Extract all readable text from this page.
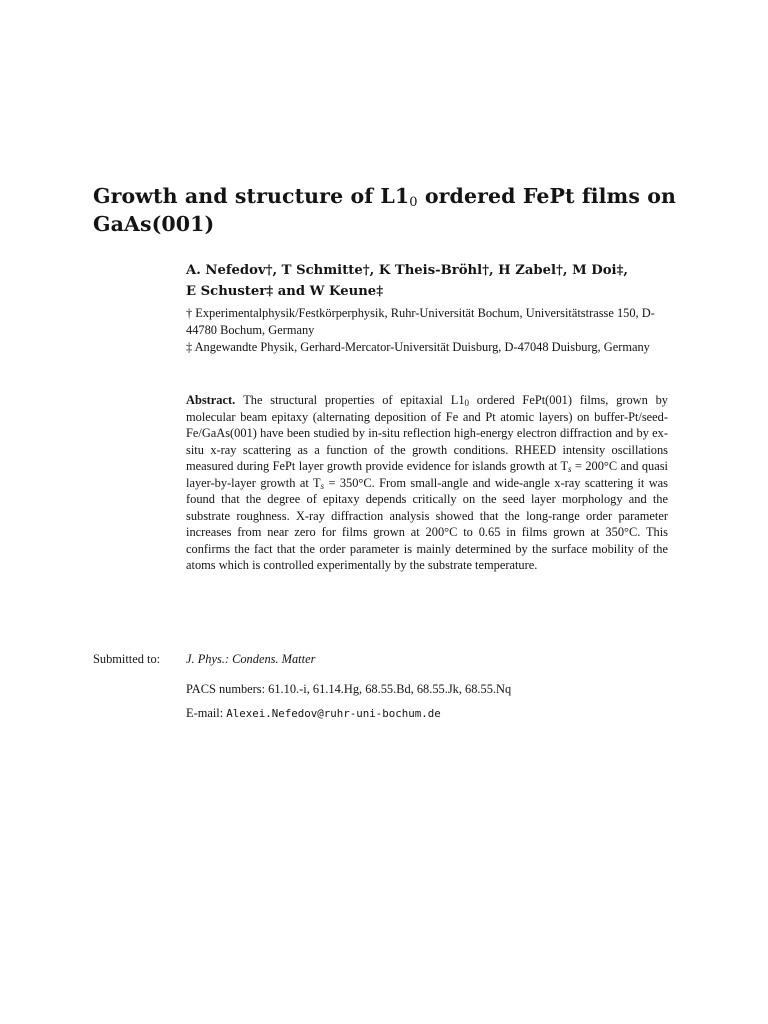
Growth and structure of $L1_0$ ordered FePt films on GaAs(001)
A. Nefedov†, T Schmitte†, K Theis-Bröhl†, H Zabel†, M Doi‡,
E Schuster‡ and W Keune‡

† Experimentalphysik/Festkörperphysik, Ruhr-Universität Bochum, Universitätstrasse 150, D-44780 Bochum, Germany

‡ Angewandte Physik, Gerhard-Mercator-Universität Duisburg, D-47048 Duisburg, Germany

Abstract. The structural properties of epitaxial $L1_0$ ordered FePt(001) films, grown by molecular beam epitaxy (alternating deposition of Fe and Pt atomic layers) on buffer-Pt/seed-Fe/GaAs(001) have been studied by in-situ reflection high-energy electron diffraction and by ex-situ x-ray scattering as a function of the growth conditions. RHEED intensity oscillations measured during FePt layer growth provide evidence for islands growth at $T_s = 200^\circ C$ and quasi layer-by-layer growth at $T_s = 350^\circ C$. From small-angle and wide-angle x-ray scattering it was found that the degree of epitaxy depends critically on the seed layer morphology and the substrate roughness. X-ray diffraction analysis showed that the long-range order parameter increases from near zero for films grown at 200°C to 0.65 in films grown at 350°C. This confirms the fact that the order parameter is mainly determined by the surface mobility of the atoms which is controlled experimentally by the substrate temperature.

Submitted to: J. Phys.: Condens. Matter
PACS numbers: 61.10.-i, 61.14.Hg, 68.55.Bd, 68.55.Jk, 68.55.Nq
E-mail: Alexei.Nefedov@ruhr-uni-bochum.de
